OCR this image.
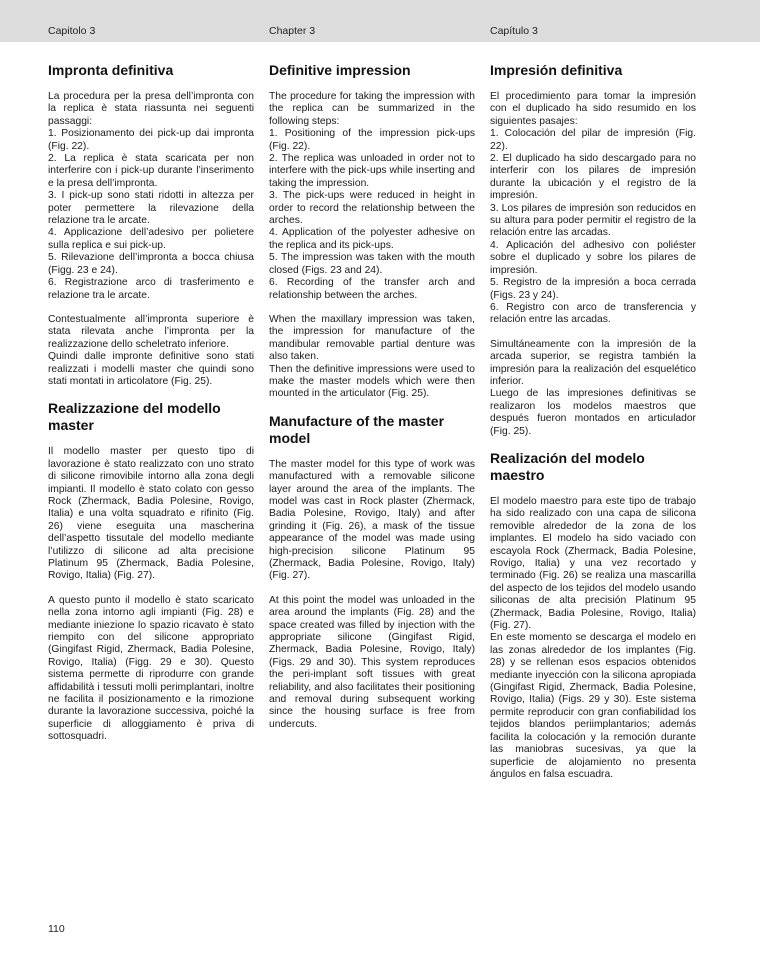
Capitolo 3	Chapter 3	Capítulo 3
Impronta definitiva

La procedura per la presa dell’impronta con la replica è stata riassunta nei seguenti passaggi:

1. Posizionamento dei pick-up dai impronta (Fig. 22).

2. La replica è stata scaricata per non interferire con i pick-up durante l’inserimento e la presa dell’impronta.

3. I pick-up sono stati ridotti in altezza per poter permettere la rilevazione della relazione tra le arcate.

4. Applicazione dell’adesivo per polietere sulla replica e sui pick-up.

5. Rilevazione dell’impronta a bocca chiusa (Figg. 23 e 24).

6. Registrazione arco di trasferimento e relazione tra le arcate.

Contestualmente all’impronta superiore è stata rilevata anche l’impronta per la realizzazione dello scheletrato inferiore.

Quindi dalle impronte definitive sono stati realizzati i modelli master che quindi sono stati montati in articolatore (Fig. 25).

Realizzazione del modello master

Il modello master per questo tipo di lavorazione è stato realizzato con uno strato di silicone rimovibile intorno alla zona degli impianti. Il modello è stato colato con gesso Rock (Zhermack, Badia Polesine, Rovigo, Italia) e una volta squadrato e rifinito (Fig. 26) viene eseguita una mascherina dell’aspetto tissutale del modello mediante l’utilizzo di silicone ad alta precisione Platinum 95 (Zhermack, Badia Polesine, Rovigo, Italia) (Fig. 27).

A questo punto il modello è stato scaricato nella zona intorno agli impianti (Fig. 28) e mediante iniezione lo spazio ricavato è stato riempito con del silicone appropriato (Gingifast Rigid, Zhermack, Badia Polesine, Rovigo, Italia) (Figg. 29 e 30). Questo sistema permette di riprodurre con grande affidabilità i tessuti molli perimplantari, inoltre ne facilita il posizionamento e la rimozione durante la lavorazione successiva, poiché la superficie di alloggiamento è priva di sottosquadri.

Definitive impression

The procedure for taking the impression with the replica can be summarized in the following steps:

1. Positioning of the impression pick-ups (Fig. 22).

2. The replica was unloaded in order not to interfere with the pick-ups while inserting and taking the impression.

3. The pick-ups were reduced in height in order to record the relationship between the arches.

4. Application of the polyester adhesive on the replica and its pick-ups.

5. The impression was taken with the mouth closed (Figs. 23 and 24).

6. Recording of the transfer arch and relationship between the arches.

When the maxillary impression was taken, the impression for manufacture of the mandibular removable partial denture was also taken.

Then the definitive impressions were used to make the master models which were then mounted in the articulator (Fig. 25).

Manufacture of the master model

The master model for this type of work was manufactured with a removable silicone layer around the area of the implants. The model was cast in Rock plaster (Zhermack, Badia Polesine, Rovigo, Italy) and after grinding it (Fig. 26), a mask of the tissue appearance of the model was made using high-precision silicone Platinum 95 (Zhermack, Badia Polesine, Rovigo, Italy) (Fig. 27).

At this point the model was unloaded in the area around the implants (Fig. 28) and the space created was filled by injection with the appropriate silicone (Gingifast Rigid, Zhermack, Badia Polesine, Rovigo, Italy) (Figs. 29 and 30). This system reproduces the peri-implant soft tissues with great reliability, and also facilitates their positioning and removal during subsequent working since the housing surface is free from undercuts.

Impresión definitiva

El procedimiento para tomar la impresión con el duplicado ha sido resumido en los siguientes pasajes:

1. Colocación del pilar de impresión (Fig. 22).

2. El duplicado ha sido descargado para no interferir con los pilares de impresión durante la ubicación y el registro de la impresión.

3. Los pilares de impresión son reducidos en su altura para poder permitir el registro de la relación entre las arcadas.

4. Aplicación del adhesivo con poliéster sobre el duplicado y sobre los pilares de impresión.

5. Registro de la impresión a boca cerrada (Figs. 23 y 24).

6. Registro con arco de transferencia y relación entre las arcadas.

Simultáneamente con la impresión de la arcada superior, se registra también la impresión para la realización del esquelético inferior.

Luego de las impresiones definitivas se realizaron los modelos maestros que después fueron montados en articulador (Fig. 25).

Realización del modelo maestro

El modelo maestro para este tipo de trabajo ha sido realizado con una capa de silicona removible alrededor de la zona de los implantes. El modelo ha sido vaciado con escayola Rock (Zhermack, Badia Polesine, Rovigo, Italia) y una vez recortado y terminado (Fig. 26) se realiza una mascarilla del aspecto de los tejidos del modelo usando siliconas de alta precisión Platinum 95 (Zhermack, Badia Polesine, Rovigo, Italia) (Fig. 27).

En este momento se descarga el modelo en las zonas alrededor de los implantes (Fig. 28) y se rellenan esos espacios obtenidos mediante inyección con la silicona apropiada (Gingifast Rigid, Zhermack, Badia Polesine, Rovigo, Italia) (Figs. 29 y 30). Este sistema permite reproducir con gran confiabilidad los tejidos blandos periimplantarios; además facilita la colocación y la remoción durante las maniobras sucesivas, ya que la superficie de alojamiento no presenta ángulos en falsa escuadra.

110
